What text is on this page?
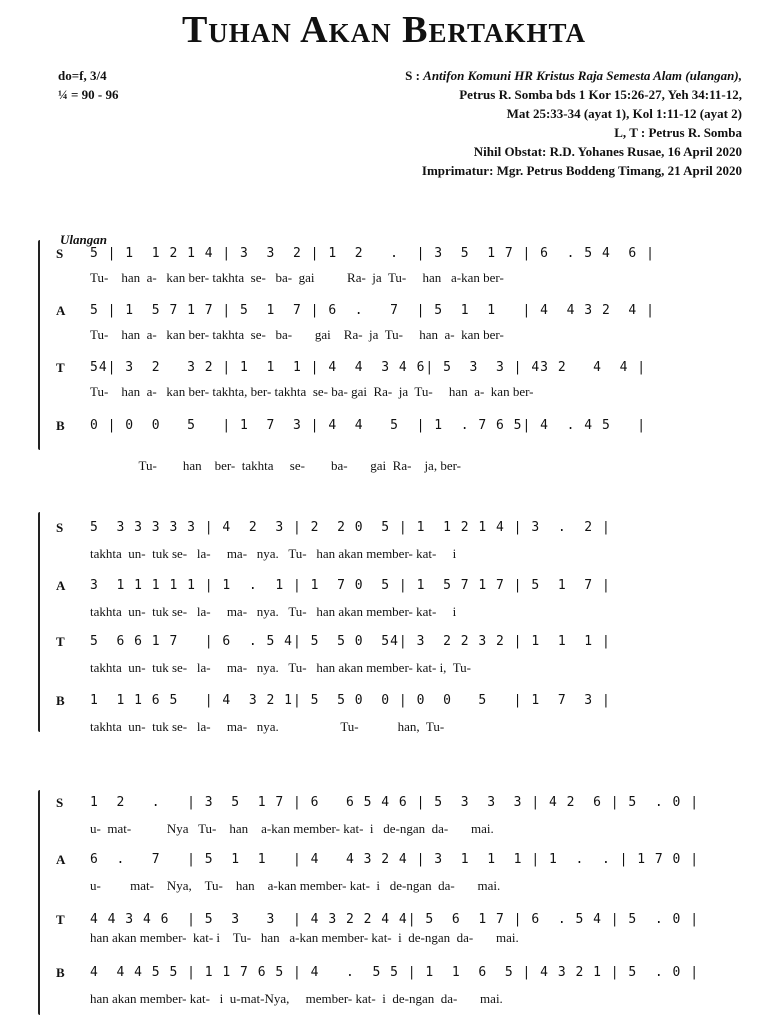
Tuhan Akan Bertakhta
do=f, 3/4
¼ = 90 - 96
S : Antifon Komuni HR Kristus Raja Semesta Alam (ulangan),
Petrus R. Somba bds 1 Kor 15:26-27, Yeh 34:11-12,
Mat 25:33-34 (ayat 1), Kol 1:11-12 (ayat 2)
L, T : Petrus R. Somba
Nihil Obstat: R.D. Yohanes Rusae, 16 April 2020
Imprimatur: Mgr. Petrus Boddeng Timang, 21 April 2020
Ulangan
S 5 | 1  1 2 1 4 | 3  3  2 | 1  2   .  | 3  5  1 7 | 6  . 5 4  6 |
Tu-    han  a-   kan ber- takhta  se-   ba-  gai          Ra-  ja  Tu-     han   a-kan ber-
A 5 | 1  5 7 1 7 | 5  1  7 | 6  .   7  | 5  1  1   | 4  4 3 2  4 |
Tu-    han  a-   kan ber- takhta  se-   ba-       gai    Ra-  ja  Tu-     han  a-  kan ber-
T 54| 3  2   3 2 | 1  1  1 | 4  4  3 4 6| 5  3  3 | 43 2   4  4 |
Tu-    han  a-   kan ber- takhta, ber- takhta  se- ba- gai  Ra-  ja  Tu-     han  a-  kan ber-
B 0 | 0  0   5   | 1  7  3 | 4  4   5  | 1  . 7 6 5| 4  . 4 5   |
Tu-        han    ber-  takhta     se-        ba-       gai  Ra-    ja, ber-
S 5  3 3 3 3 3 | 4  2  3 | 2  2 0  5 | 1  1 2 1 4 | 3  .  2 |
takhta  un-  tuk se-   la-     ma-   nya.   Tu-   han akan member- kat-     i
A 3  1 1 1 1 1 | 1  .  1 | 1  7 0  5 | 1  5 7 1 7 | 5  1  7 |
takhta  un-  tuk se-   la-     ma-   nya.   Tu-   han akan member- kat-     i
T 5  6 6 1 7   | 6  . 5 4| 5  5 0  54| 3  2 2 3 2 | 1  1  1 |
takhta  un-  tuk se-   la-     ma-   nya.   Tu-   han akan member- kat- i,  Tu-
B 1  1 1 6 5   | 4  3 2 1| 5  5 0  0 | 0  0   5   | 1  7  3 |
takhta  un-  tuk se-   la-     ma-   nya.                   Tu-            han,  Tu-
S 1  2   .   | 3  5  1 7 | 6   6 5 4 6 | 5  3  3  3 | 4 2  6 | 5  . 0 |
u-  mat-           Nya   Tu-    han    a-kan member- kat-  i   de-ngan  da-       mai.
A 6  .   7   | 5  1  1   | 4   4 3 2 4 | 3  1  1  1 | 1  .  . | 1 7 0 |
u-         mat-    Nya,    Tu-    han    a-kan member- kat-  i   de-ngan  da-       mai.
T 4 4 3 4 6  | 5  3   3  | 4 3 2 2 4 4| 5  6  1 7 | 6  . 5 4 | 5  . 0 |
han akan member-  kat- i    Tu-   han   a-kan member- kat-  i  de-ngan  da-       mai.
B 4  4 4 5 5 | 1 1 7 6 5 | 4   .  5 5 | 1  1  6  5 | 4 3 2 1 | 5  . 0 |
han akan member- kat-   i  u-mat-Nya,     member- kat-  i  de-ngan  da-       mai.
